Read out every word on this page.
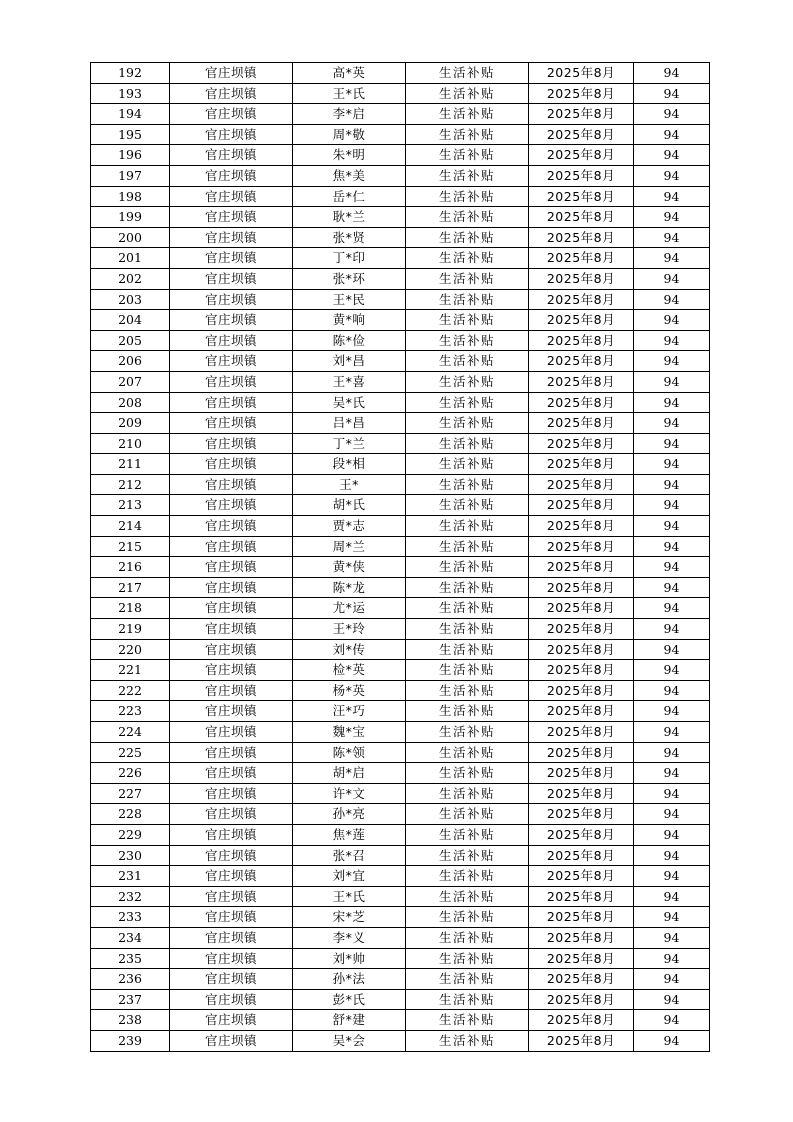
192	官庄坝镇	高*英	生活补贴	2025年8月	94
193	官庄坝镇	王*氏	生活补贴	2025年8月	94
194	官庄坝镇	李*启	生活补贴	2025年8月	94
195	官庄坝镇	周*敬	生活补贴	2025年8月	94
196	官庄坝镇	朱*明	生活补贴	2025年8月	94
197	官庄坝镇	焦*美	生活补贴	2025年8月	94
198	官庄坝镇	岳*仁	生活补贴	2025年8月	94
199	官庄坝镇	耿*兰	生活补贴	2025年8月	94
200	官庄坝镇	张*贤	生活补贴	2025年8月	94
201	官庄坝镇	丁*印	生活补贴	2025年8月	94
202	官庄坝镇	张*环	生活补贴	2025年8月	94
203	官庄坝镇	王*民	生活补贴	2025年8月	94
204	官庄坝镇	黄*响	生活补贴	2025年8月	94
205	官庄坝镇	陈*俭	生活补贴	2025年8月	94
206	官庄坝镇	刘*昌	生活补贴	2025年8月	94
207	官庄坝镇	王*喜	生活补贴	2025年8月	94
208	官庄坝镇	吴*氏	生活补贴	2025年8月	94
209	官庄坝镇	吕*昌	生活补贴	2025年8月	94
210	官庄坝镇	丁*兰	生活补贴	2025年8月	94
211	官庄坝镇	段*相	生活补贴	2025年8月	94
212	官庄坝镇	王*	生活补贴	2025年8月	94
213	官庄坝镇	胡*氏	生活补贴	2025年8月	94
214	官庄坝镇	贾*志	生活补贴	2025年8月	94
215	官庄坝镇	周*兰	生活补贴	2025年8月	94
216	官庄坝镇	黄*侠	生活补贴	2025年8月	94
217	官庄坝镇	陈*龙	生活补贴	2025年8月	94
218	官庄坝镇	尤*运	生活补贴	2025年8月	94
219	官庄坝镇	王*玲	生活补贴	2025年8月	94
220	官庄坝镇	刘*传	生活补贴	2025年8月	94
221	官庄坝镇	检*英	生活补贴	2025年8月	94
222	官庄坝镇	杨*英	生活补贴	2025年8月	94
223	官庄坝镇	汪*巧	生活补贴	2025年8月	94
224	官庄坝镇	魏*宝	生活补贴	2025年8月	94
225	官庄坝镇	陈*领	生活补贴	2025年8月	94
226	官庄坝镇	胡*启	生活补贴	2025年8月	94
227	官庄坝镇	许*文	生活补贴	2025年8月	94
228	官庄坝镇	孙*亮	生活补贴	2025年8月	94
229	官庄坝镇	焦*莲	生活补贴	2025年8月	94
230	官庄坝镇	张*召	生活补贴	2025年8月	94
231	官庄坝镇	刘*宜	生活补贴	2025年8月	94
232	官庄坝镇	王*氏	生活补贴	2025年8月	94
233	官庄坝镇	宋*芝	生活补贴	2025年8月	94
234	官庄坝镇	李*义	生活补贴	2025年8月	94
235	官庄坝镇	刘*帅	生活补贴	2025年8月	94
236	官庄坝镇	孙*法	生活补贴	2025年8月	94
237	官庄坝镇	彭*氏	生活补贴	2025年8月	94
238	官庄坝镇	舒*建	生活补贴	2025年8月	94
239	官庄坝镇	吴*会	生活补贴	2025年8月	94
